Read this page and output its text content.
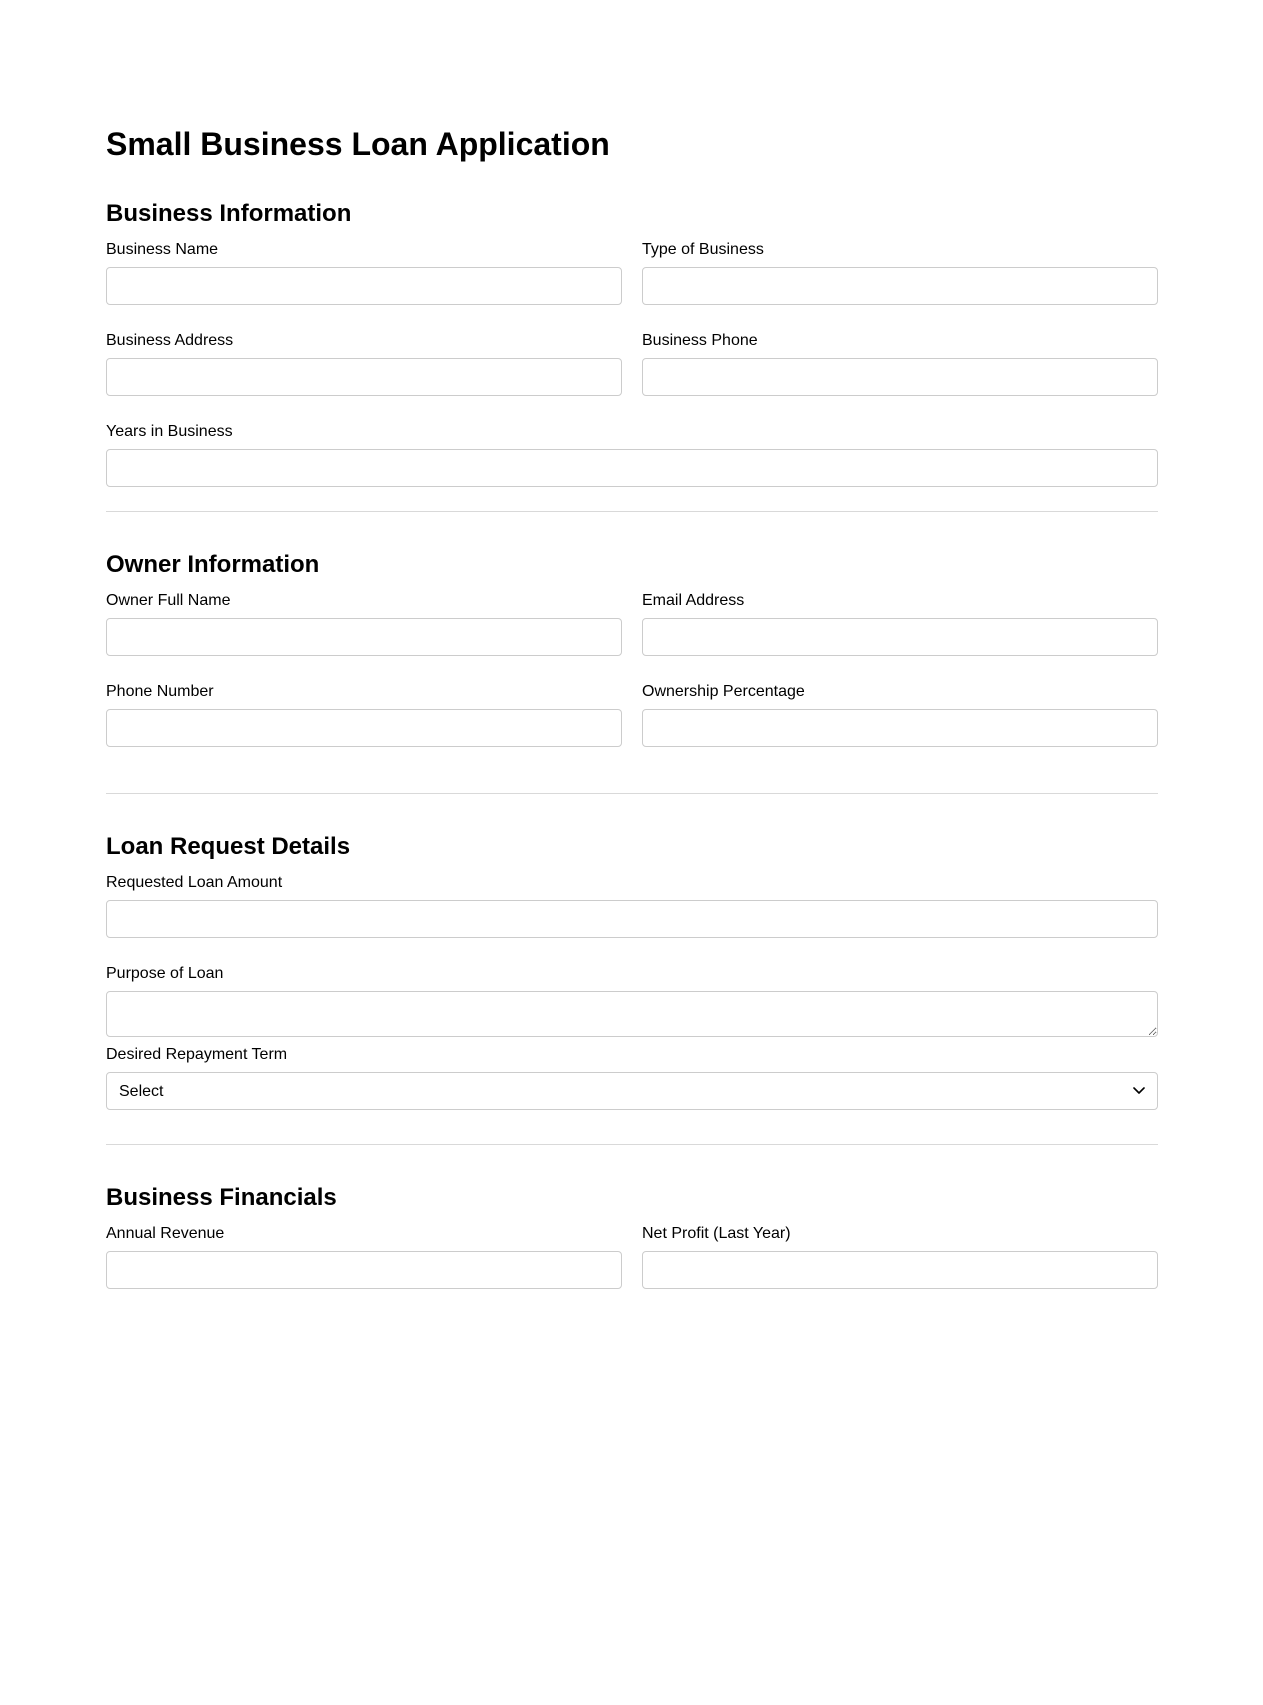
Small Business Loan Application
Business Information
Business Name	Type of Business
Business Address	Business Phone
Years in Business
Owner Information
Owner Full Name	Email Address
Phone Number	Ownership Percentage
Loan Request Details
Requested Loan Amount
Purpose of Loan
Desired Repayment Term
Select
Business Financials
Annual Revenue	Net Profit (Last Year)
